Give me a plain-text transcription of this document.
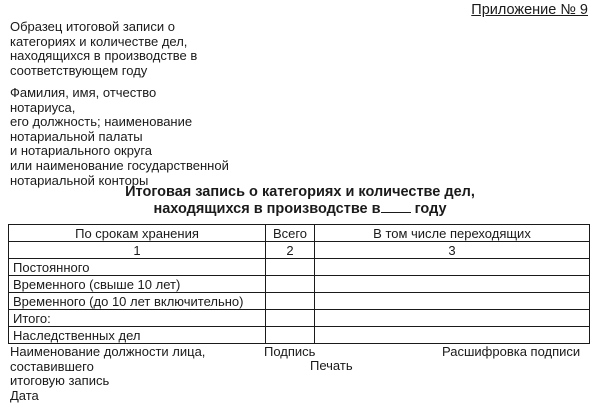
Приложение № 9
Образец итоговой записи о
категориях и количестве дел,
находящихся в производстве в
соответствующем году
Фамилия, имя, отчество
нотариуса,
его должность; наименование
нотариальной палаты
и нотариального округа
или наименование государственной
нотариальной конторы
Итоговая запись о категориях и количестве дел,
находящихся в производстве в году
По срокам хранения	Всего	В том числе переходящих
1	2	3
Постоянного		
Временного (свыше 10 лет)		
Временного (до 10 лет включительно)		
Итого:		
Наследственных дел		
Наименование должности лица,
составившего
итоговую запись
Дата
Подпись
Печать
Расшифровка подписи
